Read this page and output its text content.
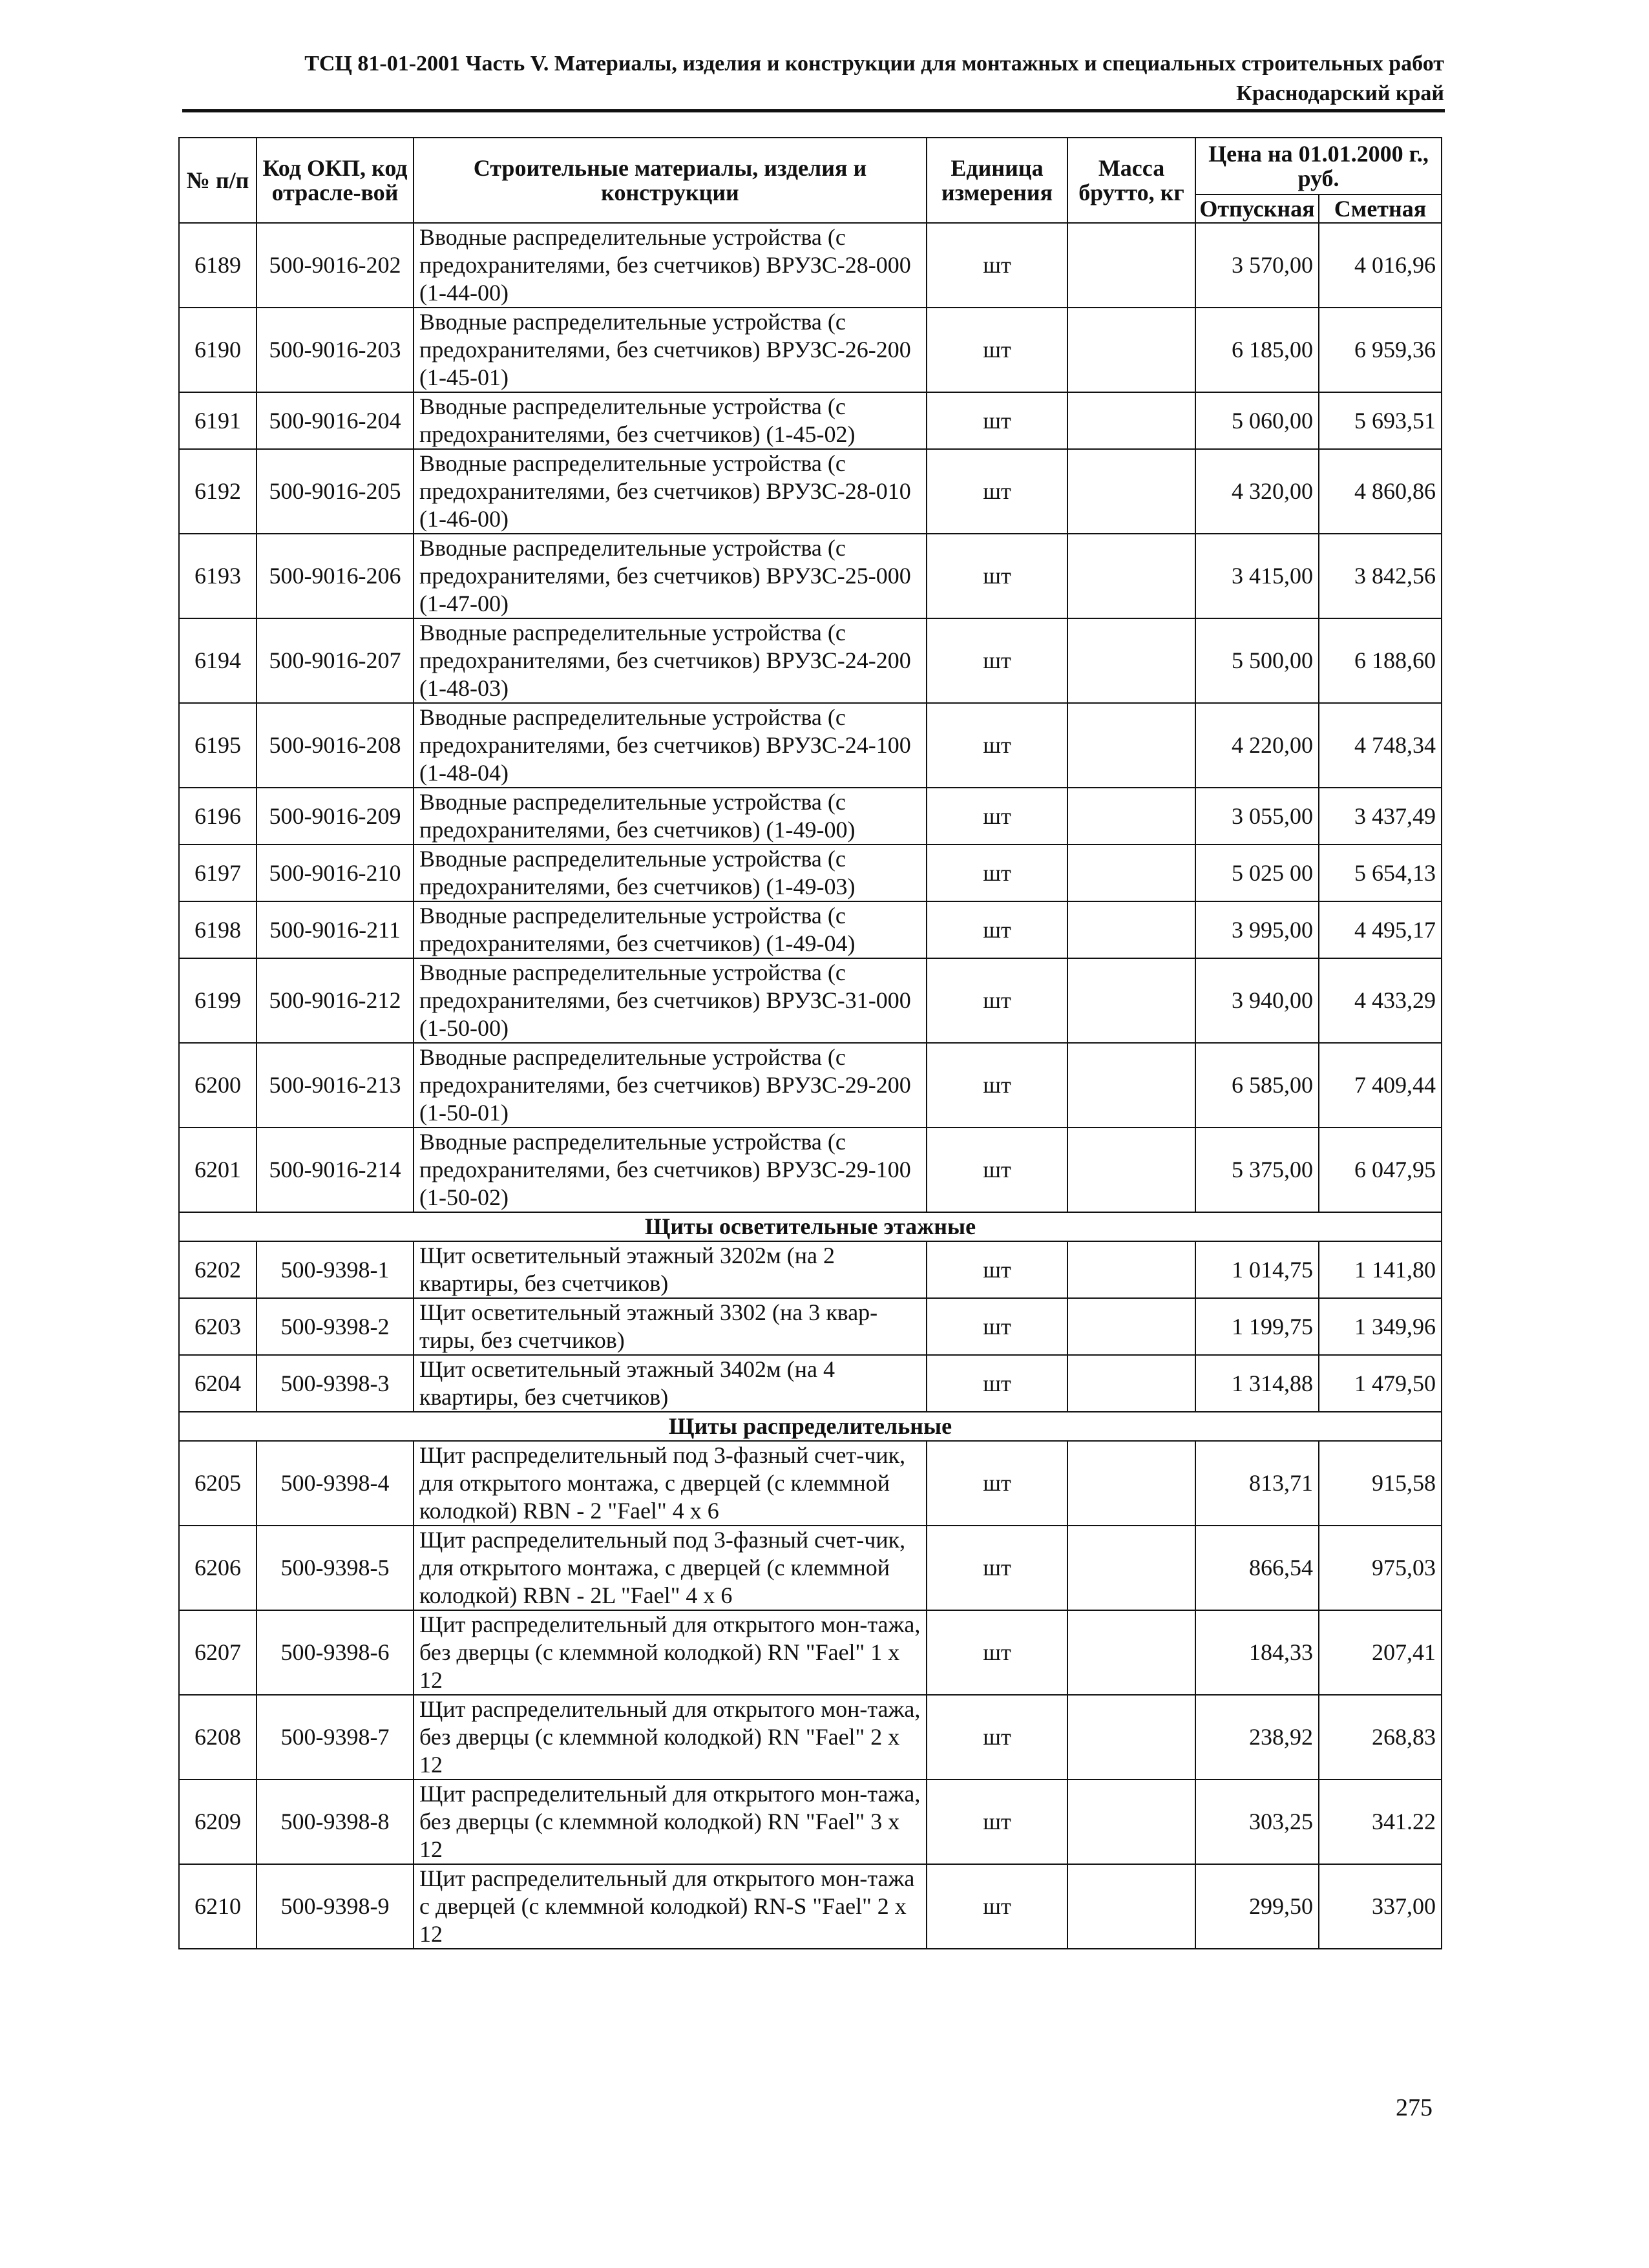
ТСЦ 81-01-2001 Часть V. Материалы, изделия и конструкции для монтажных и специальных строительных работ
Краснодарский край
№ п/п	Код ОКП, код отрасле-вой	Строительные материалы, изделия и конструкции	Единица измерения	Масса брутто, кг	Цена на 01.01.2000 г., руб.	
					Отпускная	Сметная
6189	500-9016-202	Вводные распределительные устройства (с предохранителями, без счетчиков) ВРУЗС-28-000 (1-44-00)	шт		3 570,00	4 016,96
6190	500-9016-203	Вводные распределительные устройства (с предохранителями, без счетчиков) ВРУЗС-26-200 (1-45-01)	шт		6 185,00	6 959,36
6191	500-9016-204	Вводные распределительные устройства (с предохранителями, без счетчиков) (1-45-02)	шт		5 060,00	5 693,51
6192	500-9016-205	Вводные распределительные устройства (с предохранителями, без счетчиков) ВРУЗС-28-010 (1-46-00)	шт		4 320,00	4 860,86
6193	500-9016-206	Вводные распределительные устройства (с предохранителями, без счетчиков) ВРУЗС-25-000 (1-47-00)	шт		3 415,00	3 842,56
6194	500-9016-207	Вводные распределительные устройства (с предохранителями, без счетчиков) ВРУЗС-24-200 (1-48-03)	шт		5 500,00	6 188,60
6195	500-9016-208	Вводные распределительные устройства (с предохранителями, без счетчиков) ВРУЗС-24-100 (1-48-04)	шт		4 220,00	4 748,34
6196	500-9016-209	Вводные распределительные устройства (с предохранителями, без счетчиков) (1-49-00)	шт		3 055,00	3 437,49
6197	500-9016-210	Вводные распределительные устройства (с предохранителями, без счетчиков) (1-49-03)	шт		5 025 00	5 654,13
6198	500-9016-211	Вводные распределительные устройства (с предохранителями, без счетчиков) (1-49-04)	шт		3 995,00	4 495,17
6199	500-9016-212	Вводные распределительные устройства (с предохранителями, без счетчиков) ВРУЗС-31-000 (1-50-00)	шт		3 940,00	4 433,29
6200	500-9016-213	Вводные распределительные устройства (с предохранителями, без счетчиков) ВРУЗС-29-200 (1-50-01)	шт		6 585,00	7 409,44
6201	500-9016-214	Вводные распределительные устройства (с предохранителями, без счетчиков) ВРУЗС-29-100 (1-50-02)	шт		5 375,00	6 047,95
Щиты осветительные этажные						
6202	500-9398-1	Щит осветительный этажный 3202м (на 2 квартиры, без счетчиков)	шт		1 014,75	1 141,80
6203	500-9398-2	Щит осветительный этажный 3302 (на 3 квар-тиры, без счетчиков)	шт		1 199,75	1 349,96
6204	500-9398-3	Щит осветительный этажный 3402м (на 4 квартиры, без счетчиков)	шт		1 314,88	1 479,50
Щиты распределительные						
6205	500-9398-4	Щит распределительный под 3-фазный счет-чик, для открытого монтажа, с дверцей (с клеммной колодкой) RBN - 2 "Fael" 4 x 6	шт		813,71	915,58
6206	500-9398-5	Щит распределительный под 3-фазный счет-чик, для открытого монтажа, с дверцей (с клеммной колодкой) RBN - 2L "Fael" 4 x 6	шт		866,54	975,03
6207	500-9398-6	Щит распределительный для открытого мон-тажа, без дверцы (с клеммной колодкой) RN "Fael" 1 x 12	шт		184,33	207,41
6208	500-9398-7	Щит распределительный для открытого мон-тажа, без дверцы (с клеммной колодкой) RN "Fael" 2 x 12	шт		238,92	268,83
6209	500-9398-8	Щит распределительный для открытого мон-тажа, без дверцы (с клеммной колодкой) RN "Fael" 3 x 12	шт		303,25	341.22
6210	500-9398-9	Щит распределительный для открытого мон-тажа с дверцей (с клеммной колодкой) RN-S "Fael" 2 x 12	шт		299,50	337,00
275
